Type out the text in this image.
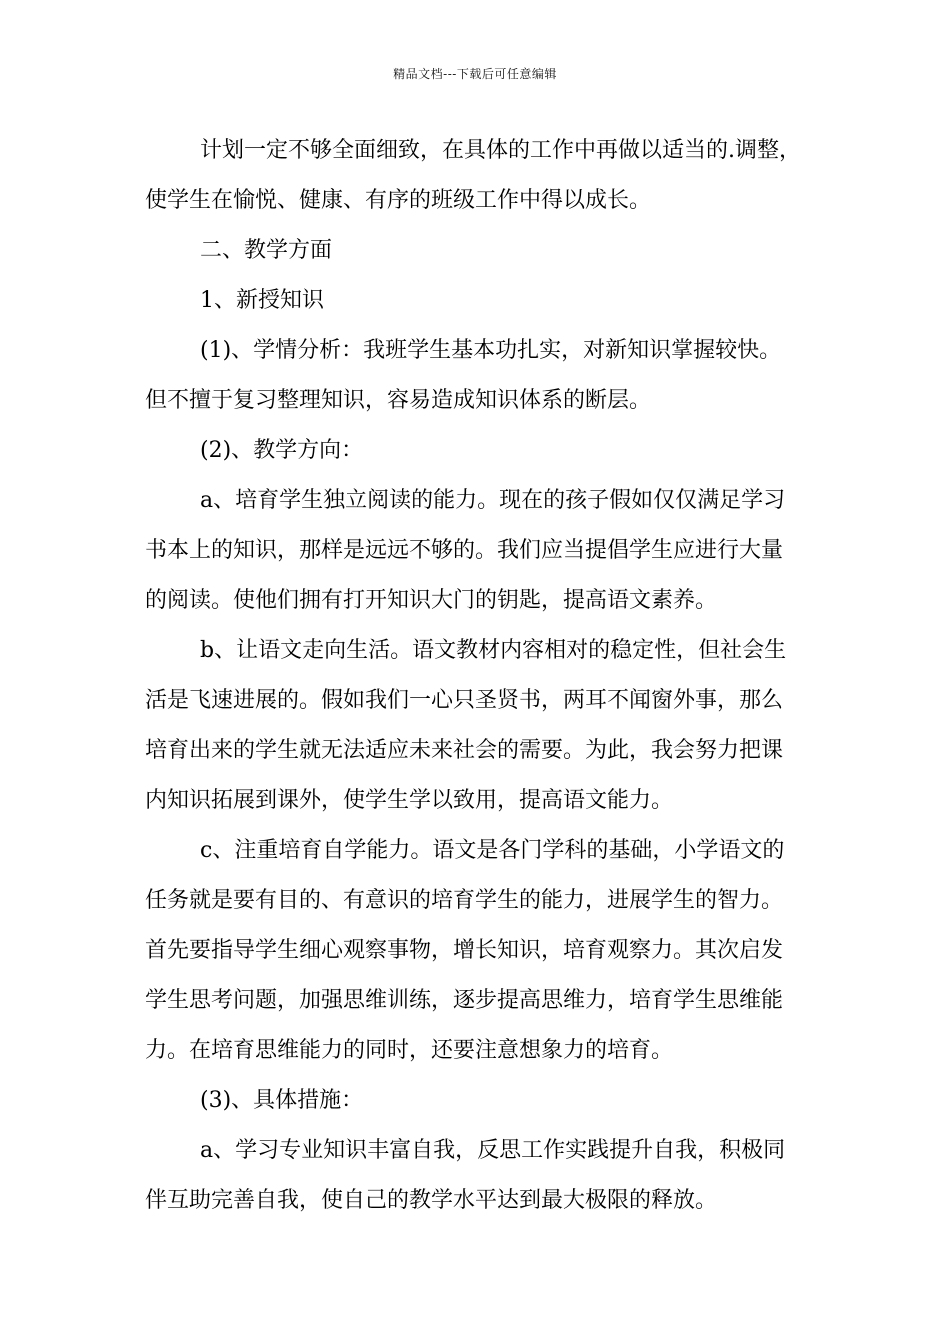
精品文档---下载后可任意编辑
计划一定不够全面细致，在具体的工作中再做以适当的.调整，
使学生在愉悦、健康、有序的班级工作中得以成长。
二、教学方面
1、新授知识
(1)、学情分析：我班学生基本功扎实，对新知识掌握较快。
但不擅于复习整理知识，容易造成知识体系的断层。
(2)、教学方向：
a、培育学生独立阅读的能力。现在的孩子假如仅仅满足学习
书本上的知识，那样是远远不够的。我们应当提倡学生应进行大量
的阅读。使他们拥有打开知识大门的钥匙，提高语文素养。
b、让语文走向生活。语文教材内容相对的稳定性，但社会生
活是飞速进展的。假如我们一心只圣贤书，两耳不闻窗外事，那么
培育出来的学生就无法适应未来社会的需要。为此，我会努力把课
内知识拓展到课外，使学生学以致用，提高语文能力。
c、注重培育自学能力。语文是各门学科的基础，小学语文的
任务就是要有目的、有意识的培育学生的能力，进展学生的智力。
首先要指导学生细心观察事物，增长知识，培育观察力。其次启发
学生思考问题，加强思维训练，逐步提高思维力，培育学生思维能
力。在培育思维能力的同时，还要注意想象力的培育。
(3)、具体措施：
a、学习专业知识丰富自我，反思工作实践提升自我，积极同
伴互助完善自我，使自己的教学水平达到最大极限的释放。
